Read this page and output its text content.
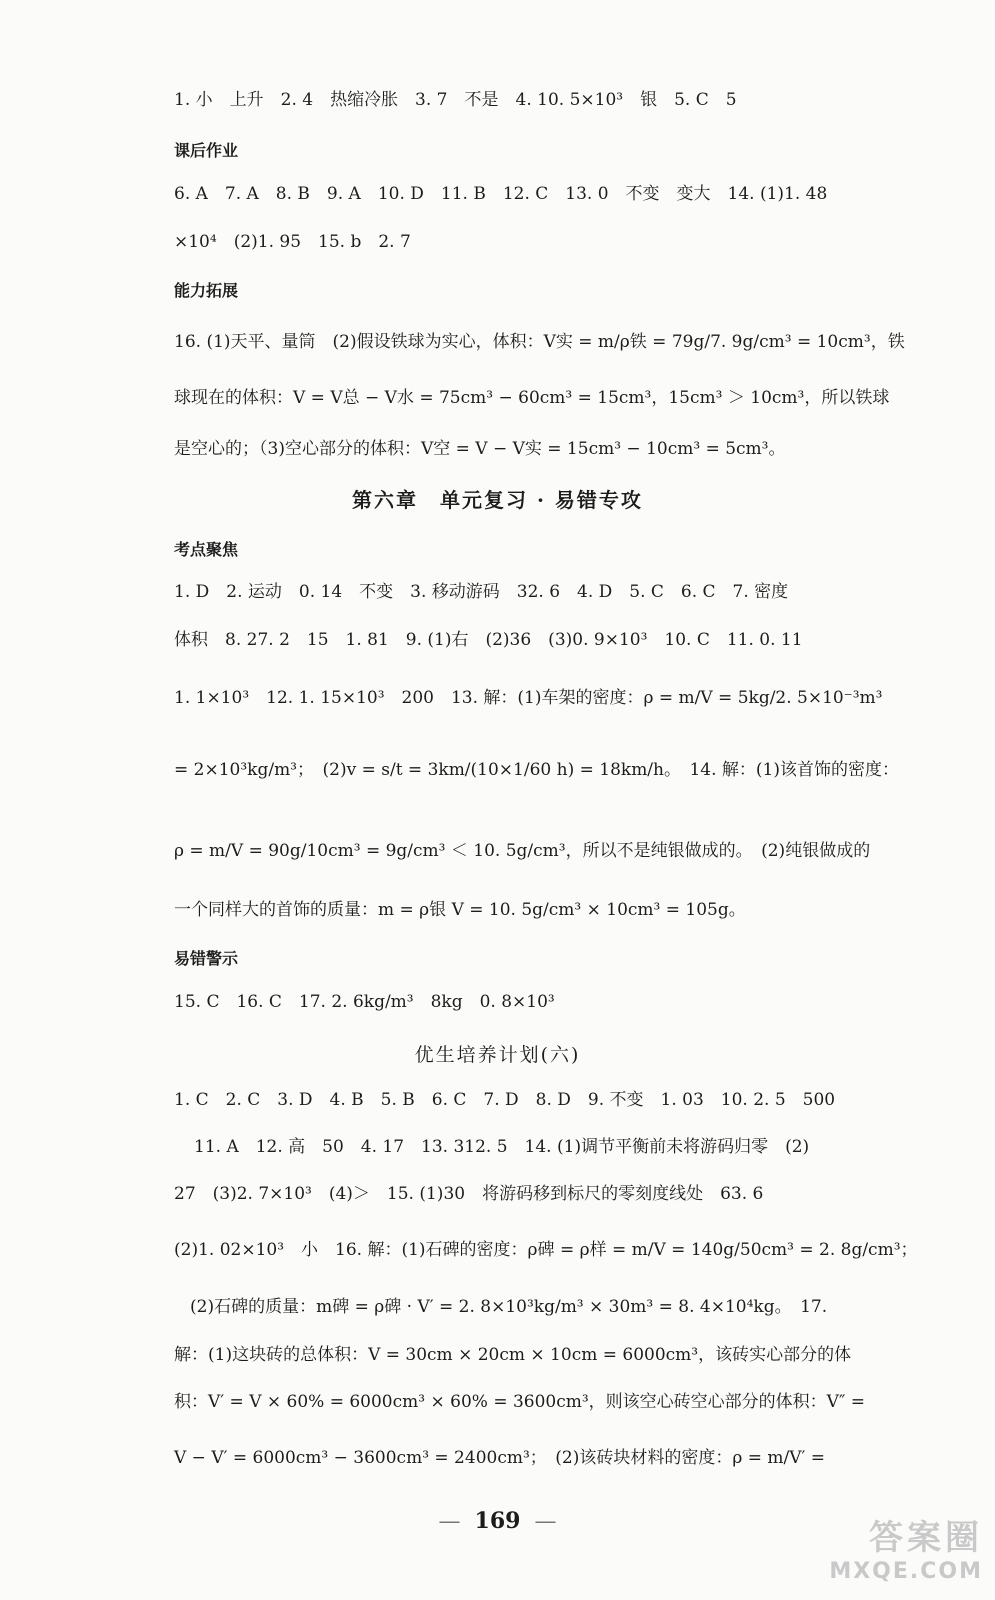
1. 小　上升　2. 4　热缩冷胀　3. 7　不是　4. 10. 5×10³　银　5. C　5
课后作业
6. A　7. A　8. B　9. A　10. D　11. B　12. C　13. 0　不变　变大　14. (1)1. 48
×10⁴　(2)1. 95　15. b　2. 7
能力拓展
16. (1)天平、量筒　(2)假设铁球为实心，体积：V实 = m/ρ铁 = 79g/7. 9g/cm³ = 10cm³，铁
球现在的体积：V = V总 − V水 = 75cm³ − 60cm³ = 15cm³，15cm³ ＞ 10cm³，所以铁球
是空心的；（3)空心部分的体积：V空 = V − V实 = 15cm³ − 10cm³ = 5cm³。
第六章　单元复习 · 易错专攻
考点聚焦
1. D　2. 运动　0. 14　不变　3. 移动游码　32. 6　4. D　5. C　6. C　7. 密度
体积　8. 27. 2　15　1. 81　9. (1)右　(2)36　(3)0. 9×10³　10. C　11. 0. 11
1. 1×10³　12. 1. 15×10³　200　13. 解：(1)车架的密度：ρ = m/V = 5kg/2. 5×10⁻³m³
= 2×10³kg/m³；　(2)v = s/t = 3km/(10×1/60 h) = 18km/h。　14. 解：(1)该首饰的密度：
ρ = m/V = 90g/10cm³ = 9g/cm³ ＜ 10. 5g/cm³，所以不是纯银做成的。　(2)纯银做成的
一个同样大的首饰的质量：m = ρ银 V = 10. 5g/cm³ × 10cm³ = 105g。
易错警示
15. C　16. C　17. 2. 6kg/m³　8kg　0. 8×10³
优生培养计划(六)
1. C　2. C　3. D　4. B　5. B　6. C　7. D　8. D　9. 不变　1. 03　10. 2. 5　500
11. A　12. 高　50　4. 17　13. 312. 5　14. (1)调节平衡前未将游码归零　(2)
27　(3)2. 7×10³　(4)＞　15. (1)30　将游码移到标尺的零刻度线处　63. 6
(2)1. 02×10³　小　16. 解：(1)石碑的密度：ρ碑 = ρ样 = m/V = 140g/50cm³ = 2. 8g/cm³；
(2)石碑的质量：m碑 = ρ碑 · V′ = 2. 8×10³kg/m³ × 30m³ = 8. 4×10⁴kg。　17.
解：(1)这块砖的总体积：V = 30cm × 20cm × 10cm = 6000cm³，该砖实心部分的体
积：V′ = V × 60% = 6000cm³ × 60% = 3600cm³，则该空心砖空心部分的体积：V″ =
V − V′ = 6000cm³ − 3600cm³ = 2400cm³；　(2)该砖块材料的密度：ρ = m/V′ =
— 169 —	答案圈
MXQE.COM
